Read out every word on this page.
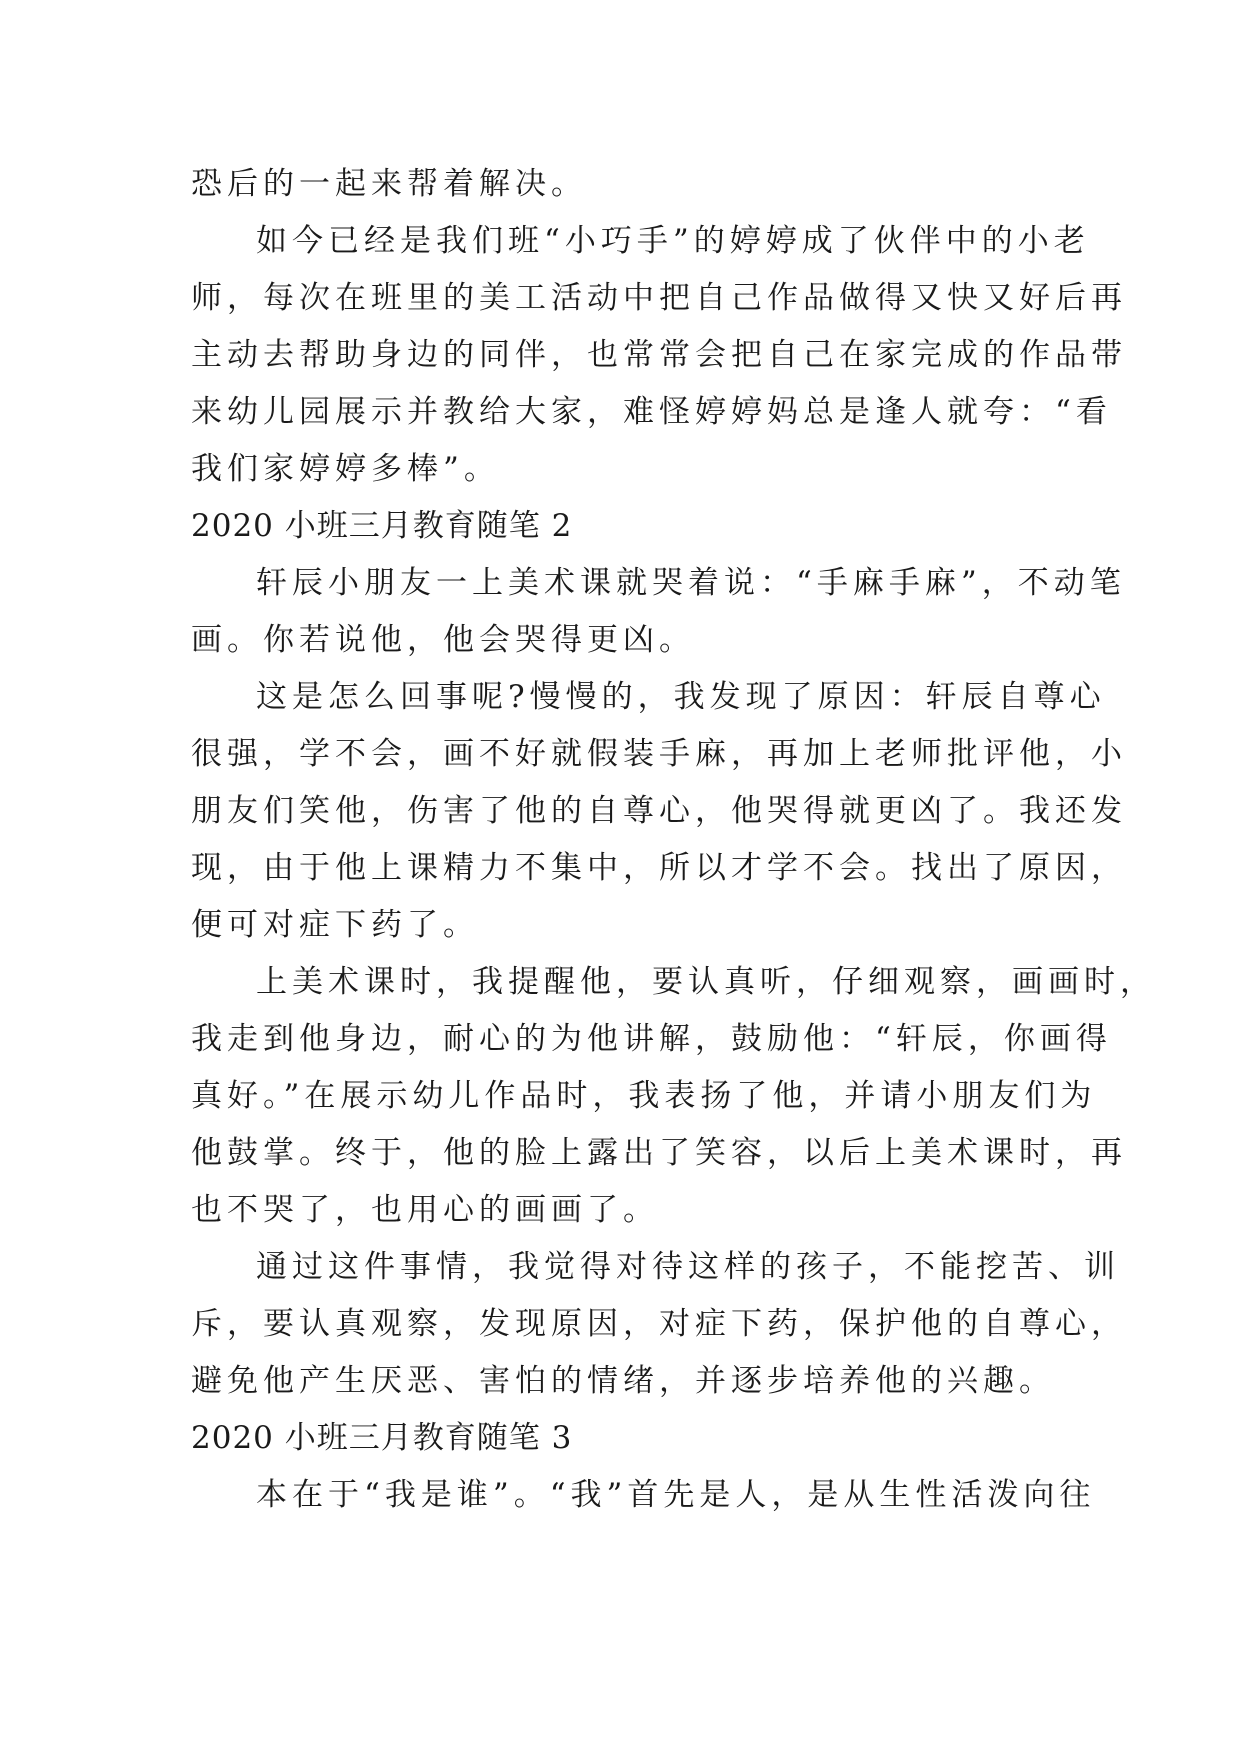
恐后的一起来帮着解决。

如今已经是我们班“小巧手”的婷婷成了伙伴中的小老

师，每次在班里的美工活动中把自己作品做得又快又好后再

主动去帮助身边的同伴，也常常会把自己在家完成的作品带

来幼儿园展示并教给大家，难怪婷婷妈总是逢人就夸：“看

我们家婷婷多棒”。

2020 小班三月教育随笔 2

轩辰小朋友一上美术课就哭着说：“手麻手麻”，不动笔

画。你若说他，他会哭得更凶。

这是怎么回事呢?慢慢的，我发现了原因：轩辰自尊心

很强，学不会，画不好就假装手麻，再加上老师批评他，小

朋友们笑他，伤害了他的自尊心，他哭得就更凶了。我还发

现，由于他上课精力不集中，所以才学不会。找出了原因，

便可对症下药了。

上美术课时，我提醒他，要认真听，仔细观察，画画时，

我走到他身边，耐心的为他讲解，鼓励他：“轩辰，你画得

真好。”在展示幼儿作品时，我表扬了他，并请小朋友们为

他鼓掌。终于，他的脸上露出了笑容，以后上美术课时，再

也不哭了，也用心的画画了。

通过这件事情，我觉得对待这样的孩子，不能挖苦、训

斥，要认真观察，发现原因，对症下药，保护他的自尊心，

避免他产生厌恶、害怕的情绪，并逐步培养他的兴趣。

2020 小班三月教育随笔 3

本在于“我是谁”。“我”首先是人，是从生性活泼向往
